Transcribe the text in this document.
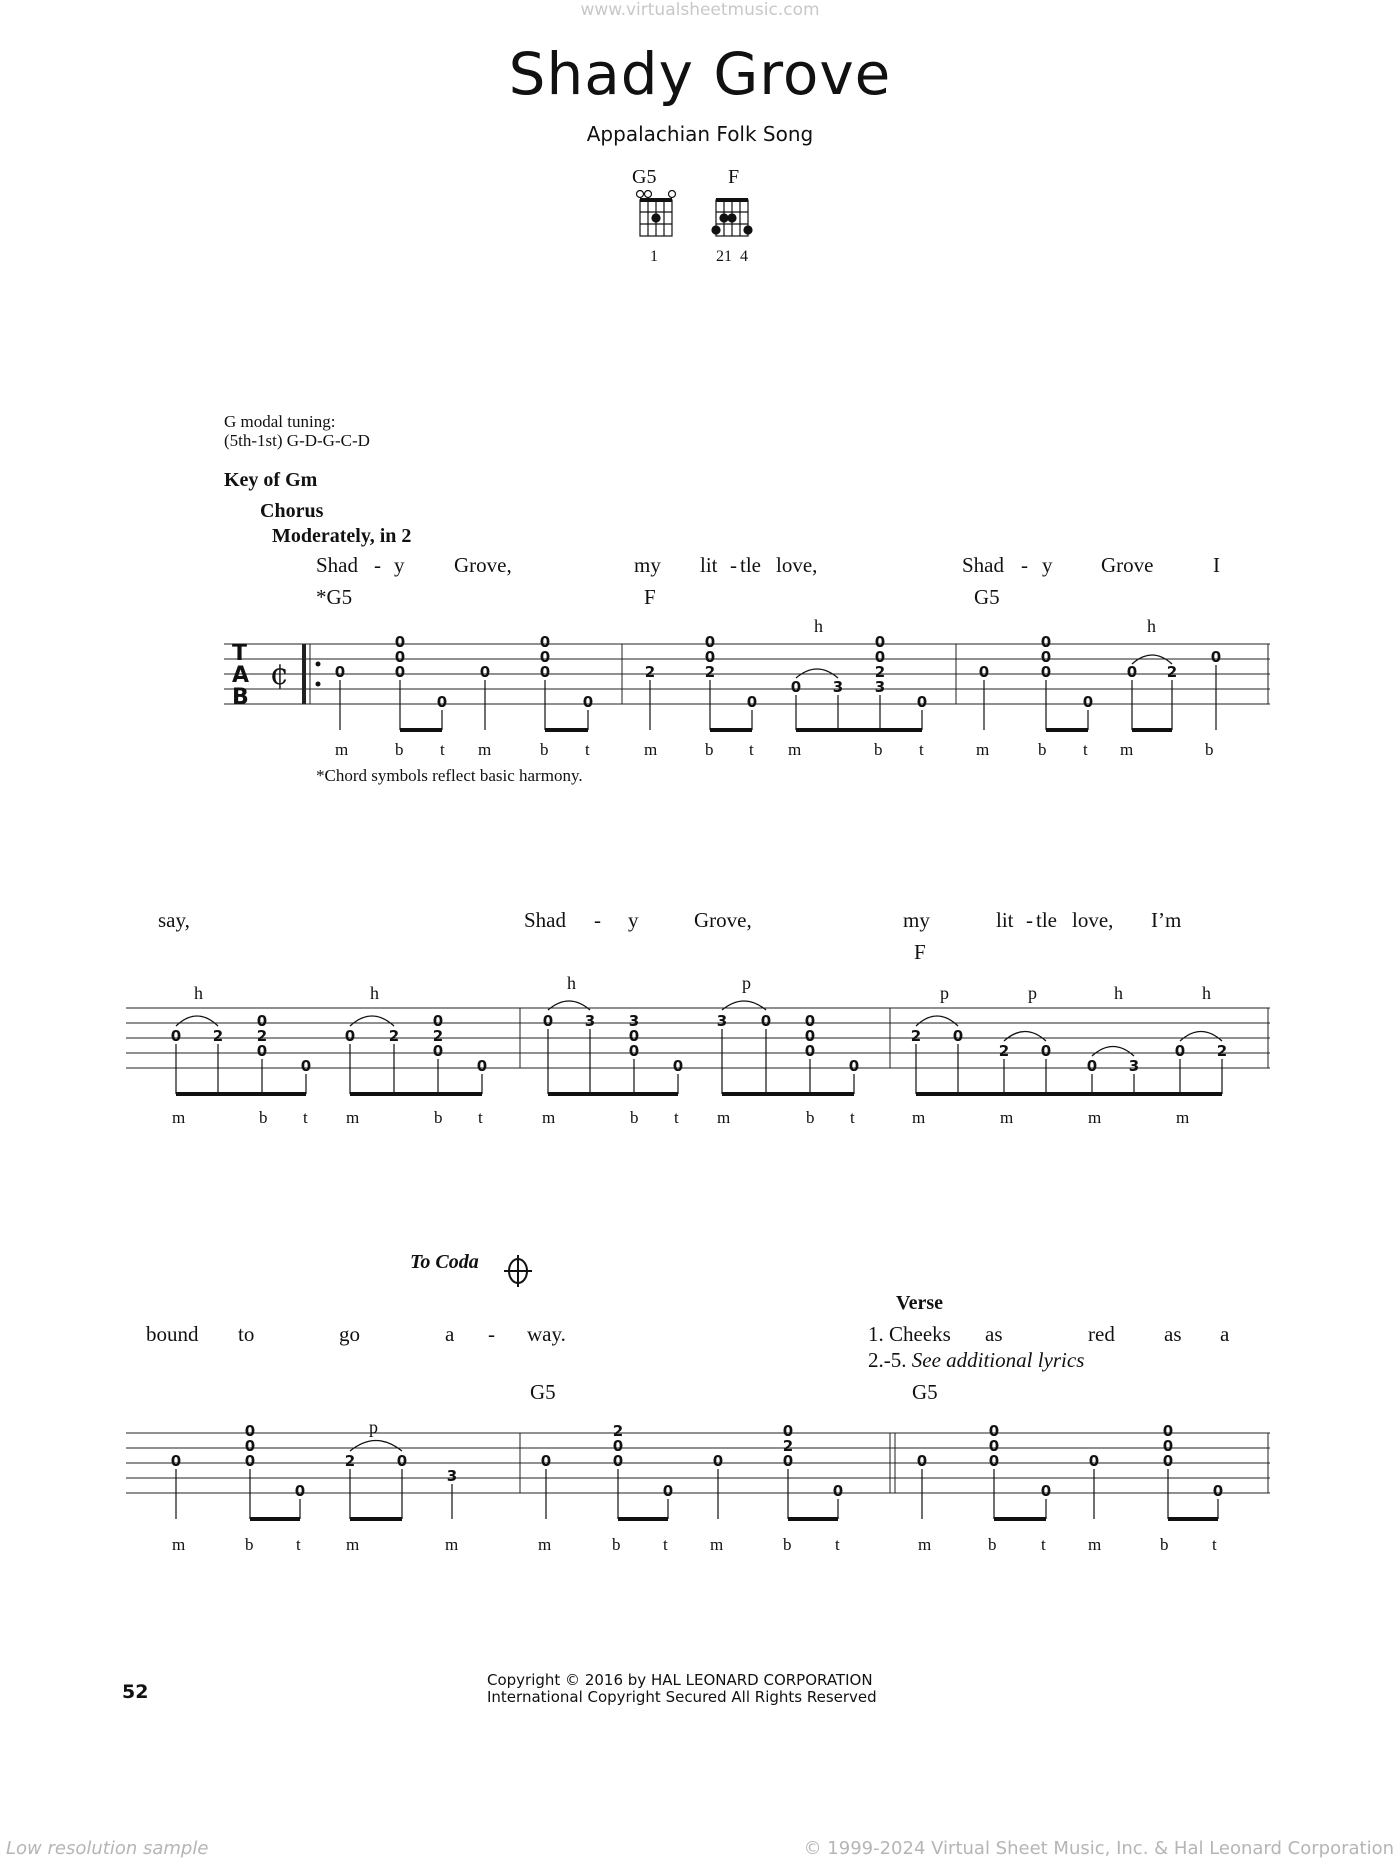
www.virtualsheetmusic.com
Shady Grove
Appalachian Folk Song
G5	F
1	21  4
G modal tuning:
(5th-1st) G-D-G-C-D
Key of Gm
Chorus
Moderately, in 2
Shad - y Grove,	my lit - tle love,	Shad - y Grove	I
*G5	F	G5
h	h
m	b t m	b t	m	b t m	b t	m	b t m	b
*Chord symbols reflect basic harmony.
say,	Shad - y	Grove,	my	lit - tle love, I’m
F
h	h	h	p	p	p	h	h
m	b t m	b t	m	b t m	b t	m	m	m	m
To Coda
Verse
bound to	go	a - way.	1. Cheeks as	red as a
2.-5. See additional lyrics
G5	G5
p
m	b	t	m	m	m	b	t m	b	t	m	b	t m	b	t
T
A
B
¢	0
0
0
0
0
0
0
0
0
0
2
0
0
2
0
0 3
0
0
2
3
0
0
0
0
0
0
0 2
0
0 2
0
2
0
0
0 2
0
2
0
0
0 3 3
0
0
0
3 0 0
0
0
0
2 0
2 0
0 3
0 2
0
0
0
0
0
2	0
3
0
2
0
0
0
0
0
2
0
0
0
0
0
0
0
0
0
0
0
0
Copyright © 2016 by HAL LEONARD CORPORATION
International Copyright Secured All Rights Reserved
52
Low resolution sample	© 1999-2024 Virtual Sheet Music, Inc. & Hal Leonard Corporation
